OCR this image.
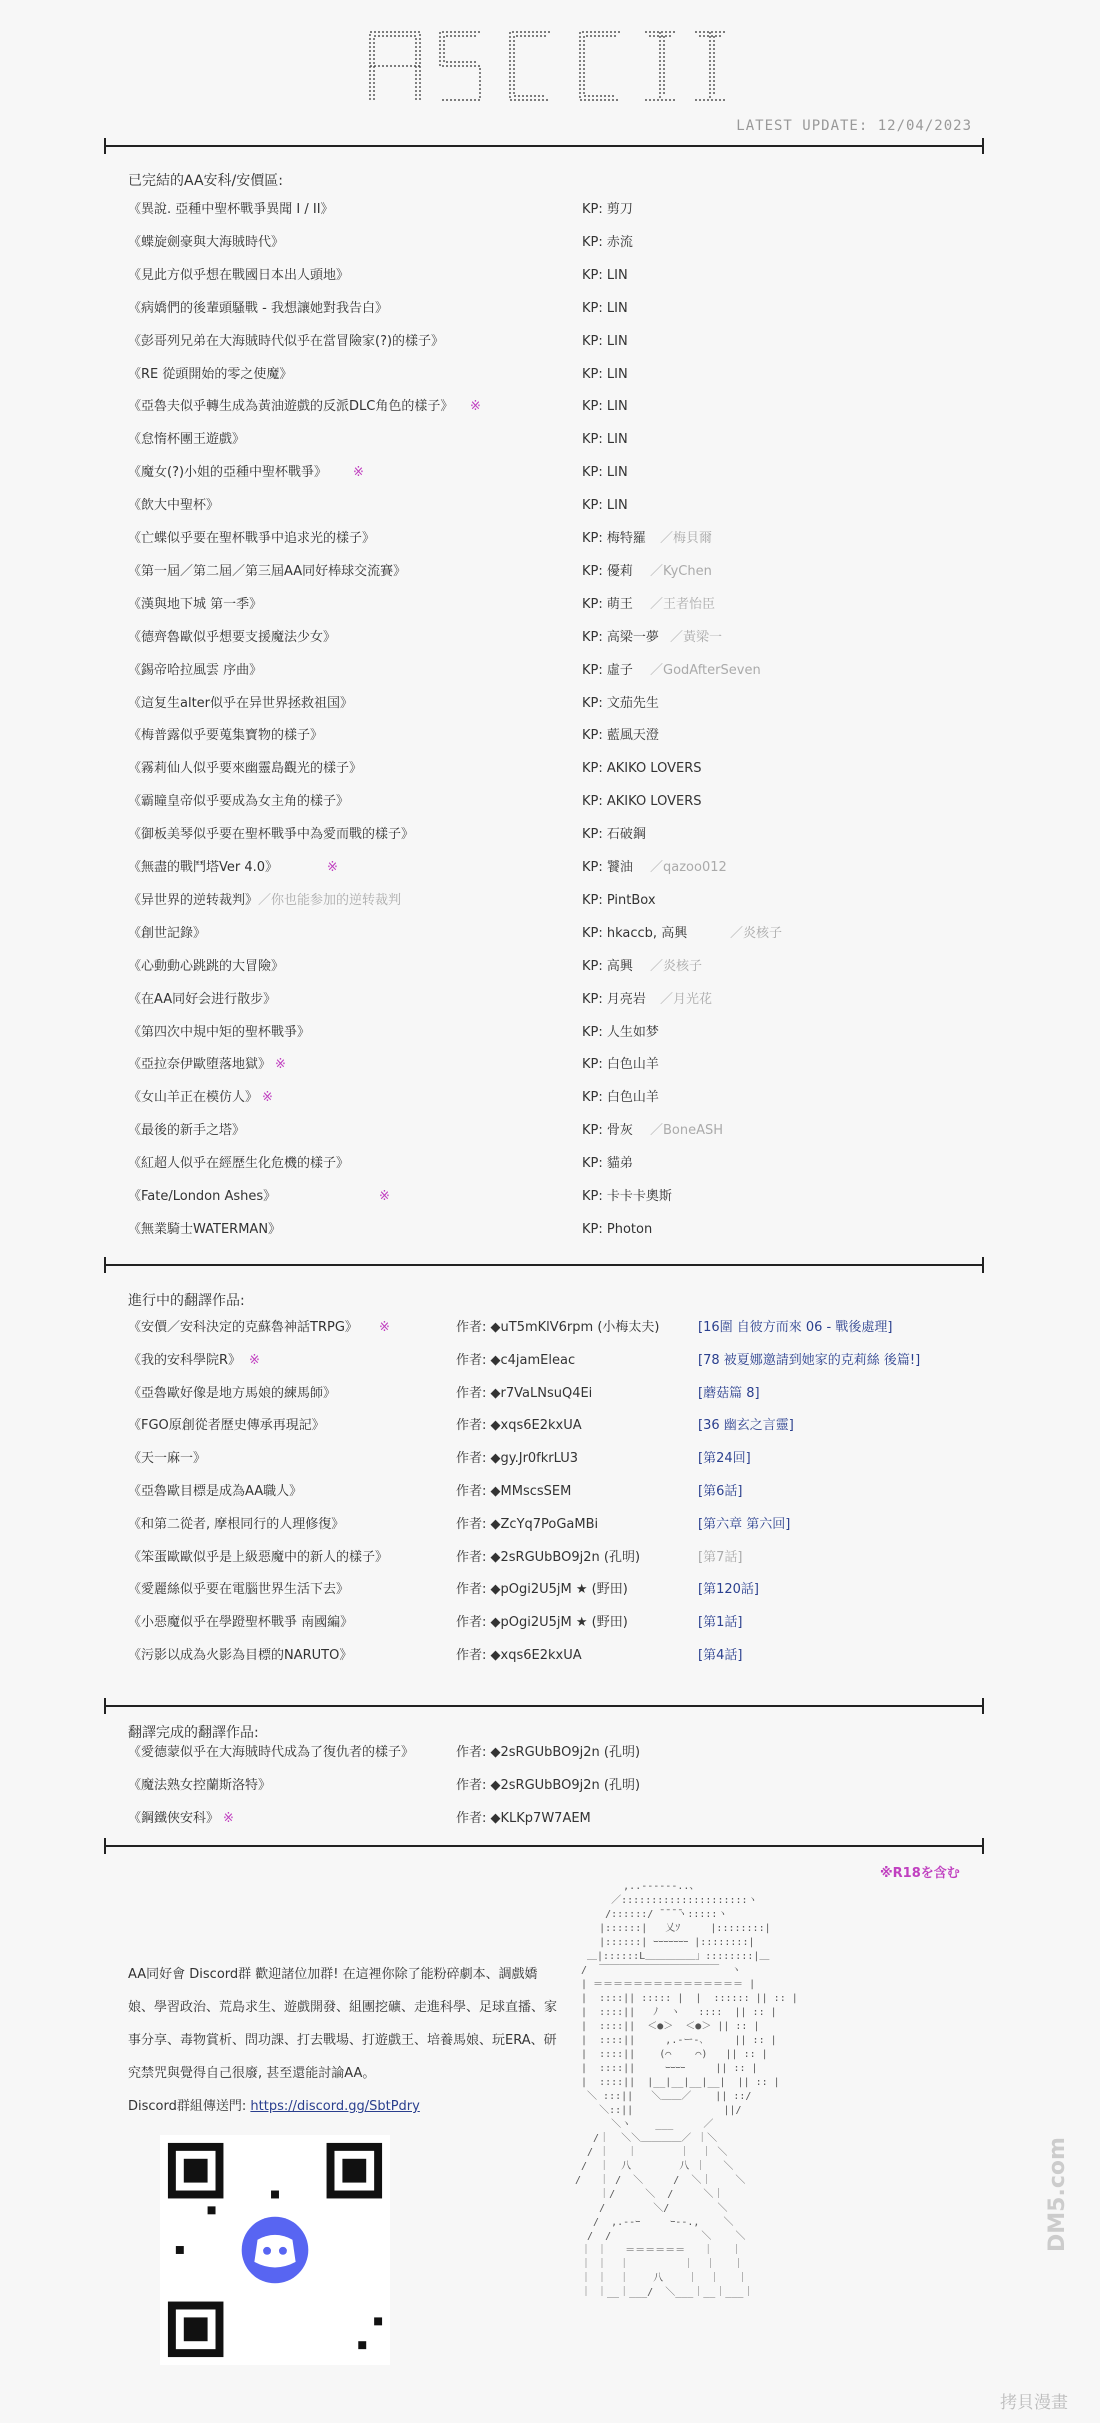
ASCII
LATEST UPDATE: 12/04/2023
已完結的AA安科/安價區:
《異說. 亞種中聖杯戰爭異聞 I / II》	KP: 剪刀
《蝶旋劍豪與大海賊時代》	KP: 赤流
《見此方似乎想在戰國日本出人頭地》	KP: LIN
《病嬌們的後輩頭騷戰 - 我想讓她對我告白》	KP: LIN
《彭哥列兄弟在大海賊時代似乎在當冒險家(?)的樣子》	KP: LIN
《RE 從頭開始的零之使魔》	KP: LIN
《亞魯夫似乎轉生成為黃油遊戲的反派DLC角色的樣子》 ※	KP: LIN
《怠惰杯團王遊戲》	KP: LIN
《魔女(?)小姐的亞種中聖杯戰爭》 ※	KP: LIN
《飲大中聖杯》	KP: LIN
《亡蝶似乎要在聖杯戰爭中追求光的樣子》	KP: 梅特羅 ／梅貝爾
《第一屆／第二屆／第三屆AA同好棒球交流賽》	KP: 優莉 ／KyChen
《漢與地下城 第一季》	KP: 萌王 ／王者怡臣
《德齊魯歐似乎想要支援魔法少女》	KP: 高梁一夢 ／黃梁一
《錫帝哈拉風雲 序曲》	KP: 虛子 ／GodAfterSeven
《這复生alter似乎在异世界拯救祖国》	KP: 文茄先生
《梅普露似乎要蒐集寶物的樣子》	KP: 藍風天澄
《霧莉仙人似乎要來幽靈島觀光的樣子》	KP: AKIKO LOVERS
《霸瞳皇帝似乎要成為女主角的樣子》	KP: AKIKO LOVERS
《御板美琴似乎要在聖杯戰爭中為愛而戰的樣子》	KP: 石破鋼
《無盡的戰鬥塔Ver 4.0》	※	KP: 饕油 ／qazoo012
《异世界的逆转裁判》 ／你也能参加的逆转裁判	KP: PintBox
《創世記錄》	KP: hkaccb, 高興	／炎核子
《心動動心跳跳的大冒險》	KP: 高興 ／炎核子
《在AA同好会进行散步》	KP: 月亮岩 ／月光花
《第四次中規中矩的聖杯戰爭》	KP: 人生如梦
《亞拉奈伊歐堕落地獄》 ※	KP: 白色山羊
《女山羊正在模仿人》 ※	KP: 白色山羊
《最後的新手之塔》	KP: 骨灰 ／BoneASH
《紅超人似乎在經歷生化危機的樣子》	KP: 貓弟
《Fate/London Ashes》	※	KP: 卡卡卡奧斯
《無業騎士WATERMAN》	KP: Photon
進行中的翻譯作品:
《安價／安科決定的克蘇魯神話TRPG》 ※	作者: ◆uT5mKlV6rpm (小梅太夫)	[16圍 自彼方而來 06 - 戰後處理]
《我的安科學院R》 ※	作者: ◆c4jamEleac	[78 被夏娜邀請到她家的克莉絲 後篇!]
《亞魯歐好像是地方馬娘的練馬師》	作者: ◆r7VaLNsuQ4Ei	[蘑菇篇 8]
《FGO原創從者歷史傳承再現記》	作者: ◆xqs6E2kxUA	[36 幽玄之言靈]
《天一麻一》	作者: ◆gy.Jr0fkrLU3	[第24回]
《亞魯歐目標是成為AA職人》	作者: ◆MMscsSEM	[第6話]
《和第二從者, 摩根同行的人理修復》	作者: ◆ZcYq7PoGaMBi	[第六章 第六回]
《笨蛋歐歐似乎是上級惡魔中的新人的樣子》	作者: ◆2sRGUbBO9j2n (孔明)	[第7話]
《愛麗絲似乎要在電腦世界生活下去》	作者: ◆pOgi2U5jM ★ (野田)	[第120話]
《小惡魔似乎在學蹬聖杯戰爭 南國編》	作者: ◆pOgi2U5jM ★ (野田)	[第1話]
《污影以成為火影為目標的NARUTO》	作者: ◆xqs6E2kxUA	[第4話]
翻譯完成的翻譯作品:
《愛德蒙似乎在大海賊時代成為了復仇者的樣子》	作者: ◆2sRGUbBO9j2n (孔明)
《魔法熟女控蘭斯洛特》	作者: ◆2sRGUbBO9j2n (孔明)
《鋼鐵俠安科》 ※	作者: ◆KLKp7W7AEM
※R18を含む
AA同好會 Discord群 歡迎諸位加群! 在這裡你除了能粉碎劇本、調戲嬌娘、學習政治、荒島求生、遊戲開發、組團挖礦、走進科學、足球直播、家事分享、毒物賞析、問功課、打去戰場、打遊戲王、培養馬娘、玩ERA、研究禁咒與覺得自己很廢, 甚至還能討論AA。
Discord群組傳送門: https://discord.gg/SbtPdry
,..--‐‐--..、
／:::::::::::::::::::::ヽ
/::::::/ ̄ ̄ ̄ ̄ヽ:::::ヽ
|::::::|   乂ｿ     |::::::::|
|::::::| ｰｰｰｰｰｰｰ |::::::::|
＿|::::::L＿＿＿＿＿」::::::::|＿
/  ￣￣￣￣￣￣￣￣￣￣￣￣  ヽ
| ＝＝＝＝＝＝＝＝＝＝＝＝＝＝＝ |
|  ::::|| ::::: |  |  :::::: || :: |
|  ::::||   ﾉ  ヽ   ::::  || :: |
|  ::::||  ＜●＞  ＜●＞ || :: |
|  ::::||     ,.-ー-､     || :: |
|  ::::||    (⌒    ⌒)   || :: |
|  ::::||     ｰｰｰｰ     || :: |
|  ::::||  |__|__|__|__|  || :: |
＼ :::||   ＼＿＿／    || ::/
＼::||               ||/
＼ヽ    ___     ／
/｜  ＼＼＿＿＿＿／ ｜＼
/ ｜   ｜       ｜  ｜ ＼
/  ｜  八        八 ｜   ＼
/   ｜ /  ＼     /  ＼｜    ＼
｜/     ＼  /     ＼｜
/        ＼/        ＼
/  ,.-‐ｰ     ｰ‐-.,    ＼
/  /               ＼    ＼
｜ ｜   ＝＝＝＝＝＝   ｜   ｜
｜ ｜  ｜         ｜  ｜   ｜
｜ ｜  ｜    八    ｜  ｜   ｜
｜ ｜__｜___/  ＼___｜__｜___｜

DM5.com
拷貝漫畫
